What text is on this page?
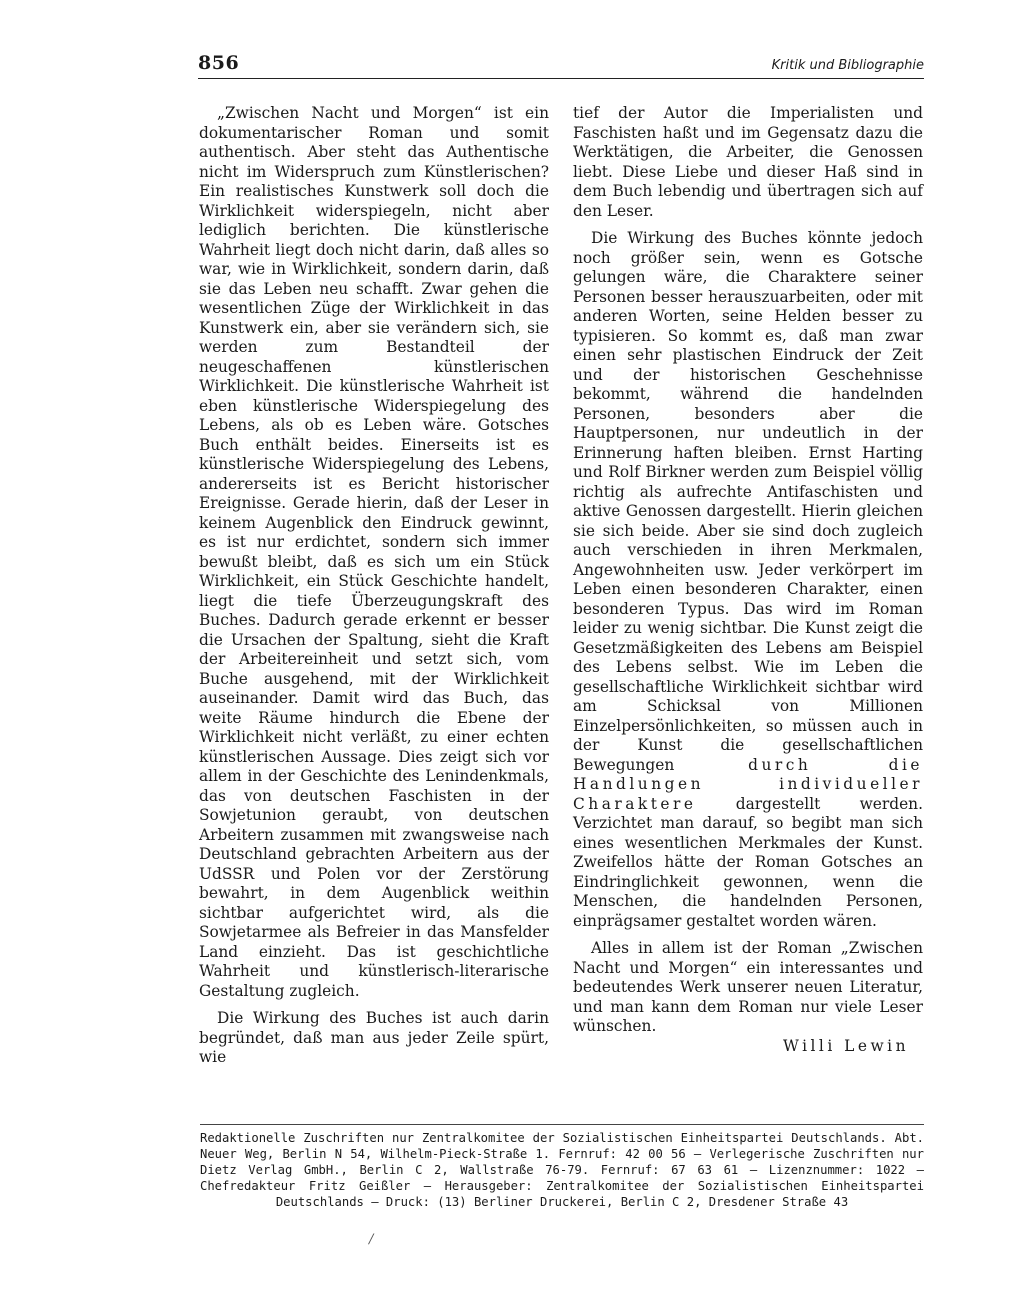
856	Kritik und Bibliographie

„Zwischen Nacht und Morgen“ ist ein dokumentarischer Roman und somit authentisch. Aber steht das Authentische nicht im Widerspruch zum Künstlerischen? Ein realistisches Kunstwerk soll doch die Wirklichkeit widerspiegeln, nicht aber lediglich berichten. Die künstlerische Wahrheit liegt doch nicht darin, daß alles so war, wie in Wirklichkeit, sondern darin, daß sie das Leben neu schafft. Zwar gehen die wesentlichen Züge der Wirklichkeit in das Kunstwerk ein, aber sie verändern sich, sie werden zum Bestandteil der neugeschaffenen künstlerischen Wirklichkeit. Die künstlerische Wahrheit ist eben künstlerische Widerspiegelung des Lebens, als ob es Leben wäre. Gotsches Buch enthält beides. Einerseits ist es künstlerische Widerspiegelung des Lebens, andererseits ist es Bericht historischer Ereignisse. Gerade hierin, daß der Leser in keinem Augenblick den Eindruck gewinnt, es ist nur erdichtet, sondern sich immer bewußt bleibt, daß es sich um ein Stück Wirklichkeit, ein Stück Geschichte handelt, liegt die tiefe Überzeugungskraft des Buches. Dadurch gerade erkennt er besser die Ursachen der Spaltung, sieht die Kraft der Arbeitereinheit und setzt sich, vom Buche ausgehend, mit der Wirklichkeit auseinander. Damit wird das Buch, das weite Räume hindurch die Ebene der Wirklichkeit nicht verläßt, zu einer echten künstlerischen Aussage. Dies zeigt sich vor allem in der Geschichte des Lenindenkmals, das von deutschen Faschisten in der Sowjetunion geraubt, von deutschen Arbeitern zusammen mit zwangsweise nach Deutschland gebrachten Arbeitern aus der UdSSR und Polen vor der Zerstörung bewahrt, in dem Augenblick weithin sichtbar aufgerichtet wird, als die Sowjetarmee als Befreier in das Mansfelder Land einzieht. Das ist geschichtliche Wahrheit und künstlerisch-literarische Gestaltung zugleich.

Die Wirkung des Buches ist auch darin begründet, daß man aus jeder Zeile spürt, wie

tief der Autor die Imperialisten und Faschisten haßt und im Gegensatz dazu die Werktätigen, die Arbeiter, die Genossen liebt. Diese Liebe und dieser Haß sind in dem Buch lebendig und übertragen sich auf den Leser.

Die Wirkung des Buches könnte jedoch noch größer sein, wenn es Gotsche gelungen wäre, die Charaktere seiner Personen besser herauszuarbeiten, oder mit anderen Worten, seine Helden besser zu typisieren. So kommt es, daß man zwar einen sehr plastischen Eindruck der Zeit und der historischen Geschehnisse bekommt, während die handelnden Personen, besonders aber die Hauptpersonen, nur undeutlich in der Erinnerung haften bleiben. Ernst Harting und Rolf Birkner werden zum Beispiel völlig richtig als aufrechte Antifaschisten und aktive Genossen dargestellt. Hierin gleichen sie sich beide. Aber sie sind doch zugleich auch verschieden in ihren Merkmalen, Angewohnheiten usw. Jeder verkörpert im Leben einen besonderen Charakter, einen besonderen Typus. Das wird im Roman leider zu wenig sichtbar. Die Kunst zeigt die Gesetzmäßigkeiten des Lebens am Beispiel des Lebens selbst. Wie im Leben die gesellschaftliche Wirklichkeit sichtbar wird am Schicksal von Millionen Einzelpersönlichkeiten, so müssen auch in der Kunst die gesellschaftlichen Bewegungen	durch die Handlungen individueller Charaktere	dargestellt werden. Verzichtet man darauf, so begibt man sich eines wesentlichen Merkmales der Kunst. Zweifellos hätte der Roman Gotsches an Eindringlichkeit gewonnen, wenn die Menschen, die handelnden Personen, einprägsamer gestaltet worden wären.

Alles in allem ist der Roman „Zwischen Nacht und Morgen“ ein interessantes und bedeutendes Werk unserer neuen Literatur, und man kann dem Roman nur viele Leser wünschen.

Willi Lewin
Redaktionelle Zuschriften nur Zentralkomitee der Sozialistischen Einheitspartei Deutschlands. Abt. Neuer Weg, Berlin N 54, Wilhelm-Pieck-Straße 1. Fernruf: 42 00 56 — Verlegerische Zuschriften nur Dietz Verlag GmbH., Berlin C 2, Wallstraße 76-79. Fernruf: 67 63 61 — Lizenznummer: 1022 — Chefredakteur Fritz Geißler — Herausgeber: Zentralkomitee der Sozialistischen Einheitspartei Deutschlands — Druck: (13) Berliner Druckerei, Berlin C 2, Dresdener Straße 43
/
